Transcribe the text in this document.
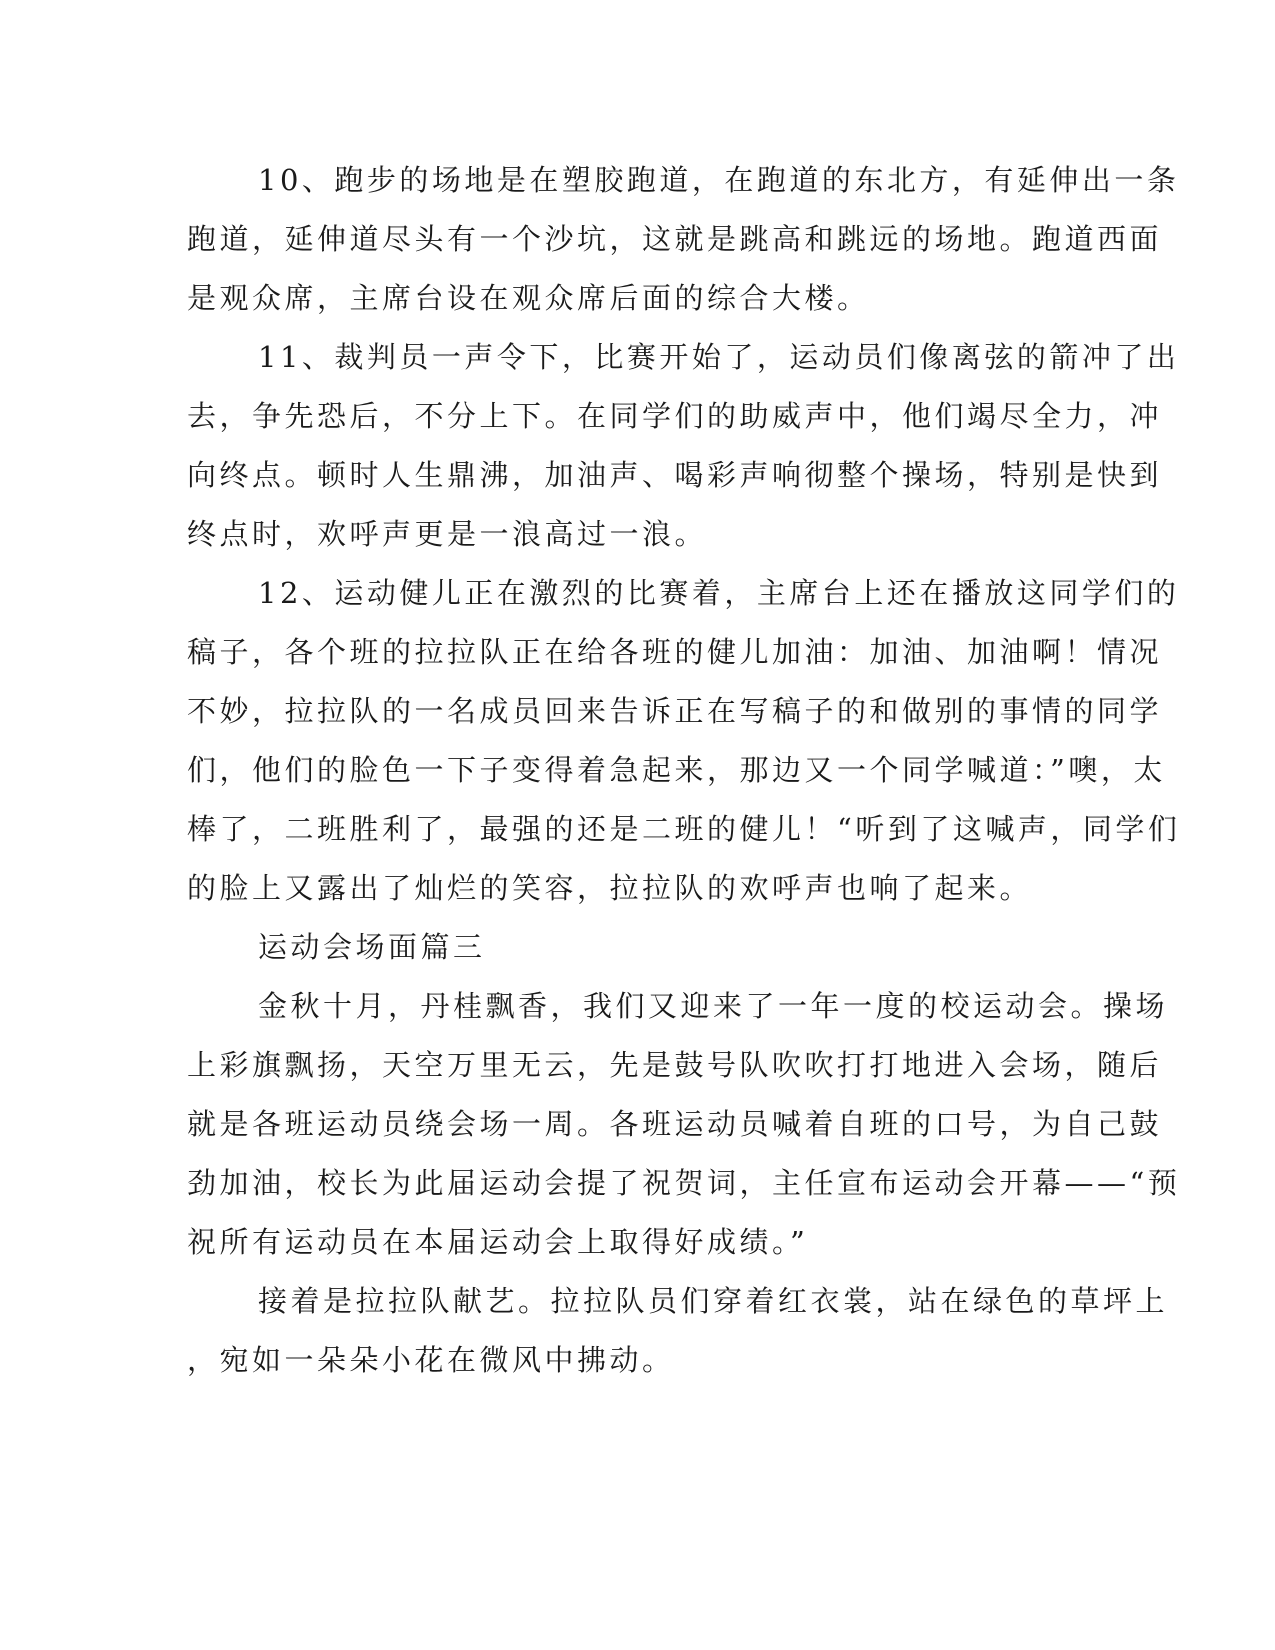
10、跑步的场地是在塑胶跑道，在跑道的东北方，有延伸出一条
跑道，延伸道尽头有一个沙坑，这就是跳高和跳远的场地。跑道西面
是观众席，主席台设在观众席后面的综合大楼。
11、裁判员一声令下，比赛开始了，运动员们像离弦的箭冲了出
去，争先恐后，不分上下。在同学们的助威声中，他们竭尽全力，冲
向终点。顿时人生鼎沸，加油声、喝彩声响彻整个操场，特别是快到
终点时，欢呼声更是一浪高过一浪。
12、运动健儿正在激烈的比赛着，主席台上还在播放这同学们的
稿子，各个班的拉拉队正在给各班的健儿加油：加油、加油啊！情况
不妙，拉拉队的一名成员回来告诉正在写稿子的和做别的事情的同学
们，他们的脸色一下子变得着急起来，那边又一个同学喊道：”噢，太
棒了，二班胜利了，最强的还是二班的健儿！“听到了这喊声，同学们
的脸上又露出了灿烂的笑容，拉拉队的欢呼声也响了起来。
运动会场面篇三
金秋十月，丹桂飘香，我们又迎来了一年一度的校运动会。操场
上彩旗飘扬，天空万里无云，先是鼓号队吹吹打打地进入会场，随后
就是各班运动员绕会场一周。各班运动员喊着自班的口号，为自己鼓
劲加油，校长为此届运动会提了祝贺词，主任宣布运动会开幕——“预
祝所有运动员在本届运动会上取得好成绩。”
接着是拉拉队献艺。拉拉队员们穿着红衣裳，站在绿色的草坪上
，宛如一朵朵小花在微风中拂动。
